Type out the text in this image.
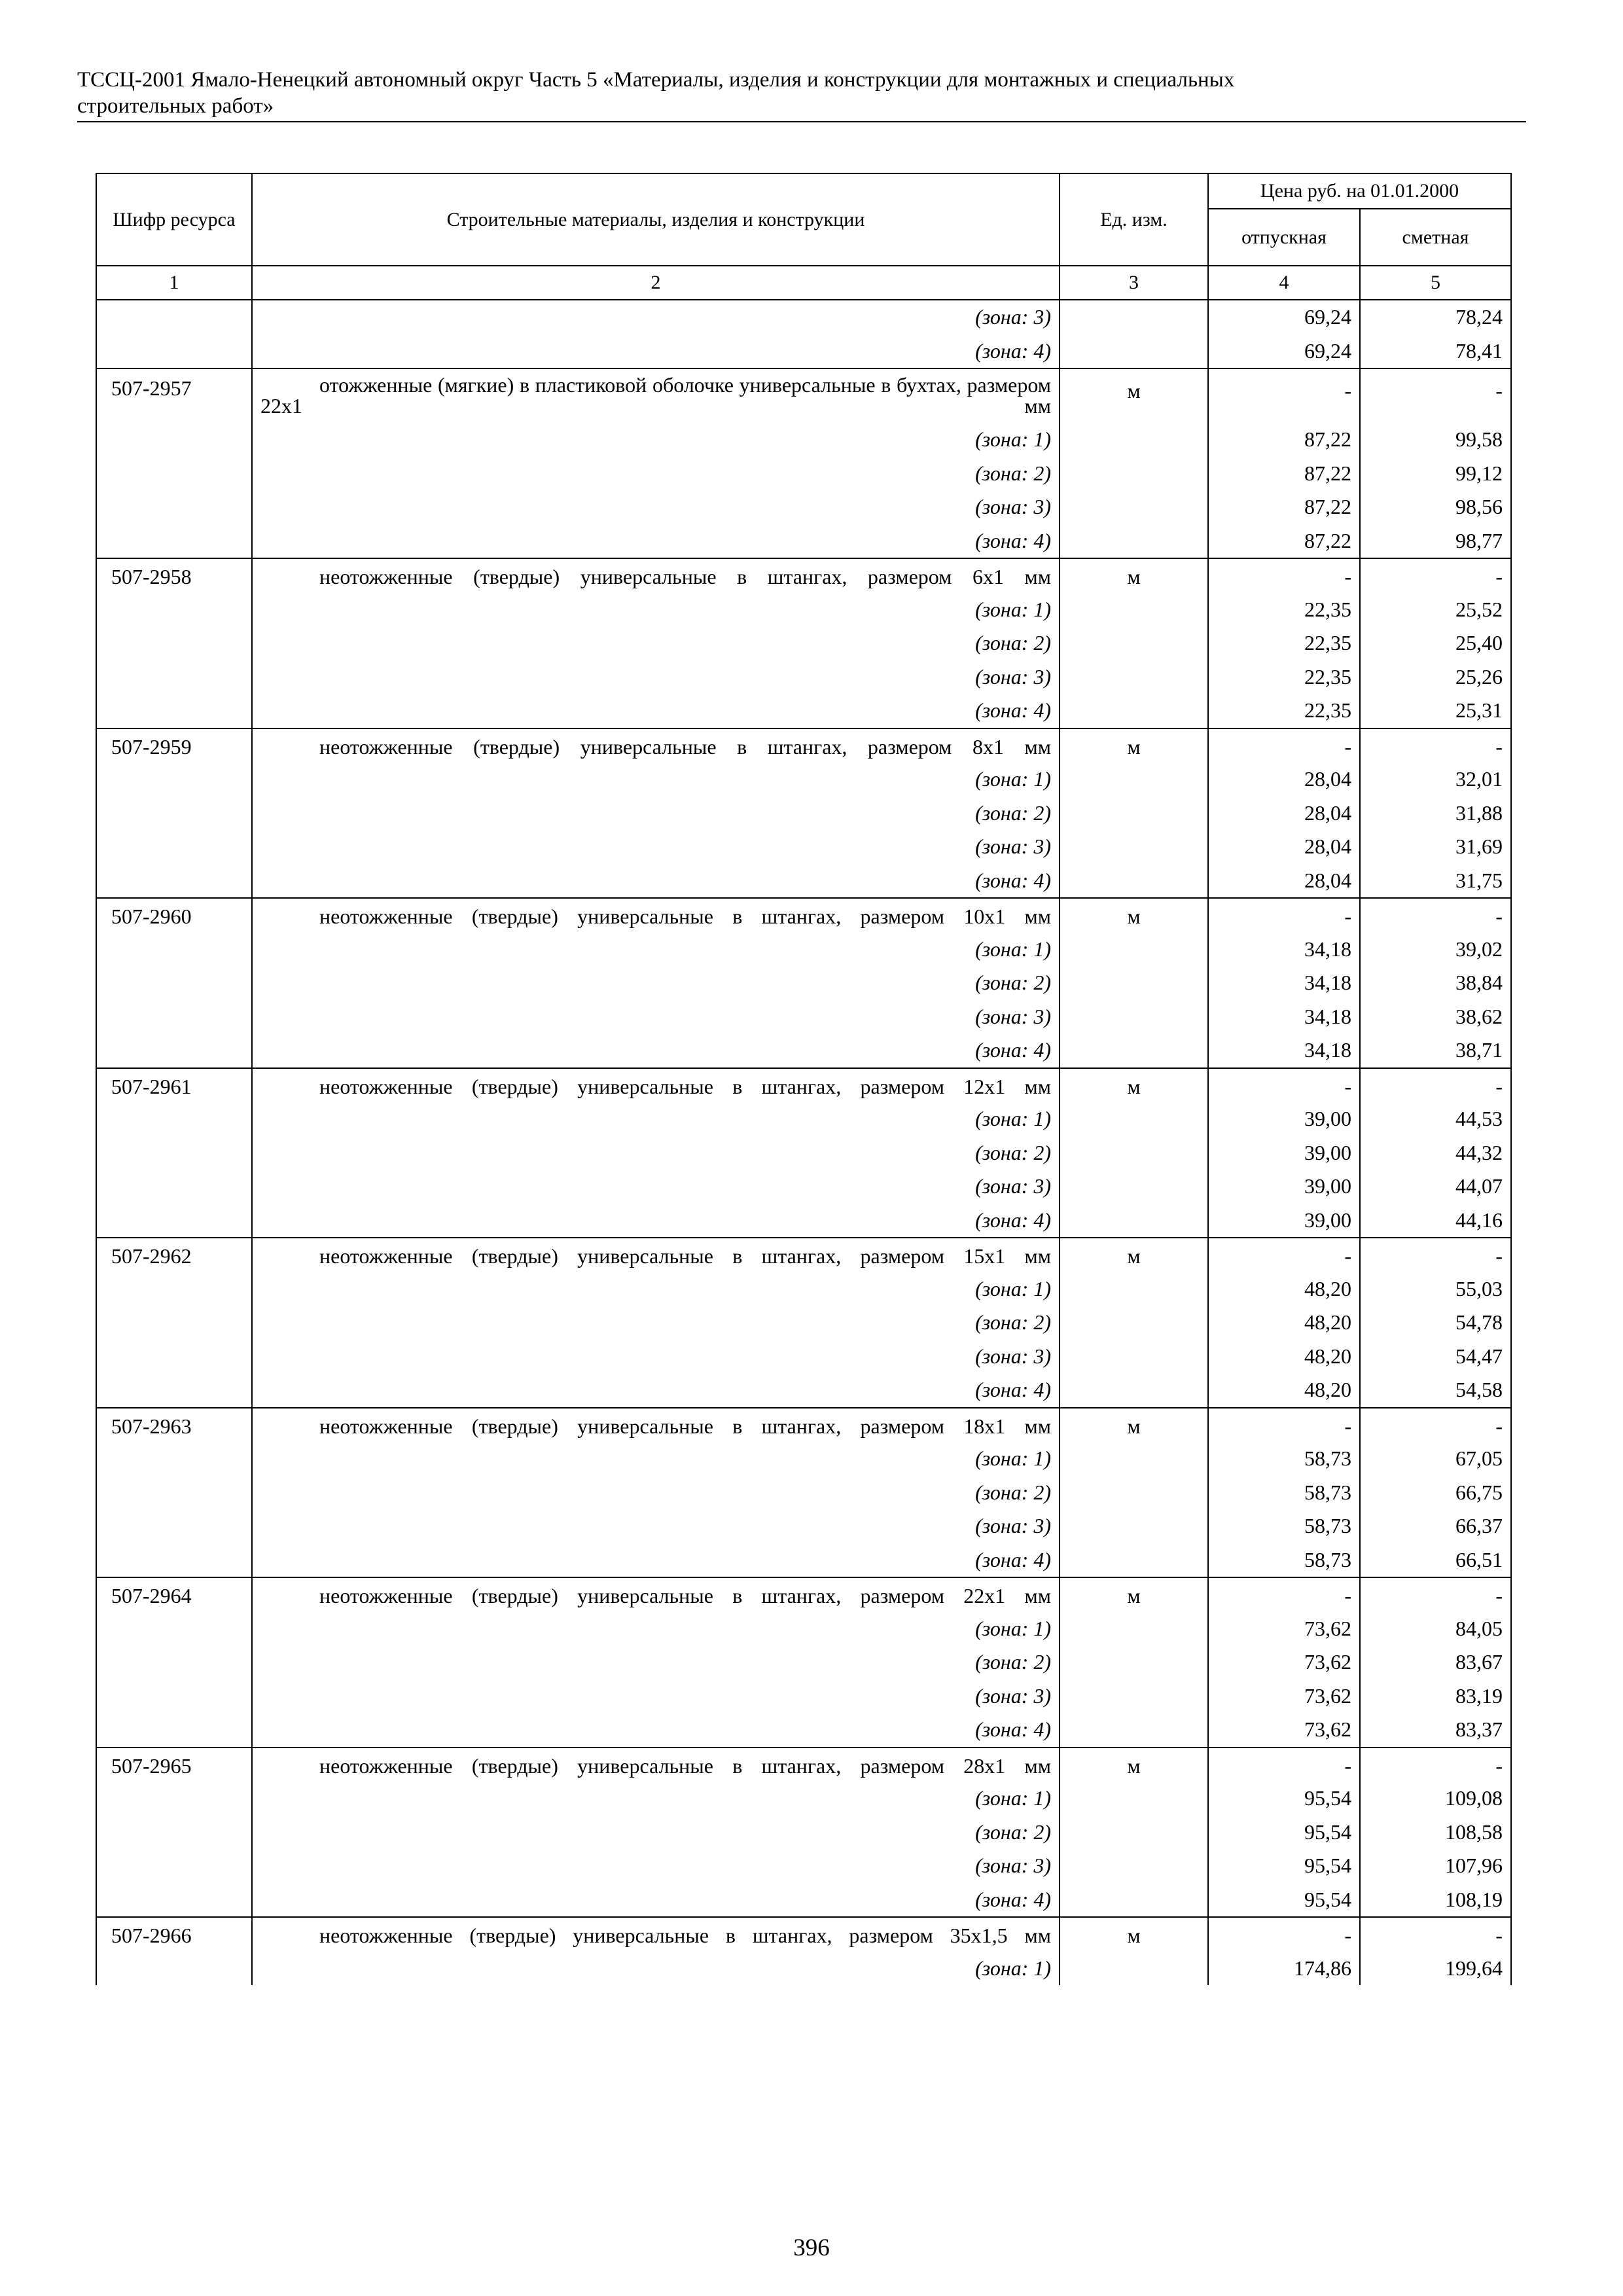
ТССЦ-2001 Ямало-Ненецкий автономный округ Часть 5 «Материалы, изделия и конструкции для монтажных и специальных
строительных работ»
Шифр ресурса	Строительные материалы, изделия и конструкции	Ед. изм.	Цена руб. на 01.01.2000	
			отпускная	сметная
1	2	3	4	5
	(зона: 3)		69,24	78,24
	(зона: 4)		69,24	78,41
507-2957	отожженные (мягкие) в пластиковой оболочке универсальные в бухтах, размером 22х1 мм	м	-	-
	(зона: 1)		87,22	99,58
	(зона: 2)		87,22	99,12
	(зона: 3)		87,22	98,56
	(зона: 4)		87,22	98,77
507-2958	неотожженные (твердые) универсальные в штангах, размером 6х1 мм	м	-	-
	(зона: 1)		22,35	25,52
	(зона: 2)		22,35	25,40
	(зона: 3)		22,35	25,26
	(зона: 4)		22,35	25,31
507-2959	неотожженные (твердые) универсальные в штангах, размером 8х1 мм	м	-	-
	(зона: 1)		28,04	32,01
	(зона: 2)		28,04	31,88
	(зона: 3)		28,04	31,69
	(зона: 4)		28,04	31,75
507-2960	неотожженные (твердые) универсальные в штангах, размером 10х1 мм	м	-	-
	(зона: 1)		34,18	39,02
	(зона: 2)		34,18	38,84
	(зона: 3)		34,18	38,62
	(зона: 4)		34,18	38,71
507-2961	неотожженные (твердые) универсальные в штангах, размером 12х1 мм	м	-	-
	(зона: 1)		39,00	44,53
	(зона: 2)		39,00	44,32
	(зона: 3)		39,00	44,07
	(зона: 4)		39,00	44,16
507-2962	неотожженные (твердые) универсальные в штангах, размером 15х1 мм	м	-	-
	(зона: 1)		48,20	55,03
	(зона: 2)		48,20	54,78
	(зона: 3)		48,20	54,47
	(зона: 4)		48,20	54,58
507-2963	неотожженные (твердые) универсальные в штангах, размером 18х1 мм	м	-	-
	(зона: 1)		58,73	67,05
	(зона: 2)		58,73	66,75
	(зона: 3)		58,73	66,37
	(зона: 4)		58,73	66,51
507-2964	неотожженные (твердые) универсальные в штангах, размером 22х1 мм	м	-	-
	(зона: 1)		73,62	84,05
	(зона: 2)		73,62	83,67
	(зона: 3)		73,62	83,19
	(зона: 4)		73,62	83,37
507-2965	неотожженные (твердые) универсальные в штангах, размером 28х1 мм	м	-	-
	(зона: 1)		95,54	109,08
	(зона: 2)		95,54	108,58
	(зона: 3)		95,54	107,96
	(зона: 4)		95,54	108,19
507-2966	неотожженные (твердые) универсальные в штангах, размером 35х1,5 мм	м	-	-
	(зона: 1)		174,86	199,64
396
